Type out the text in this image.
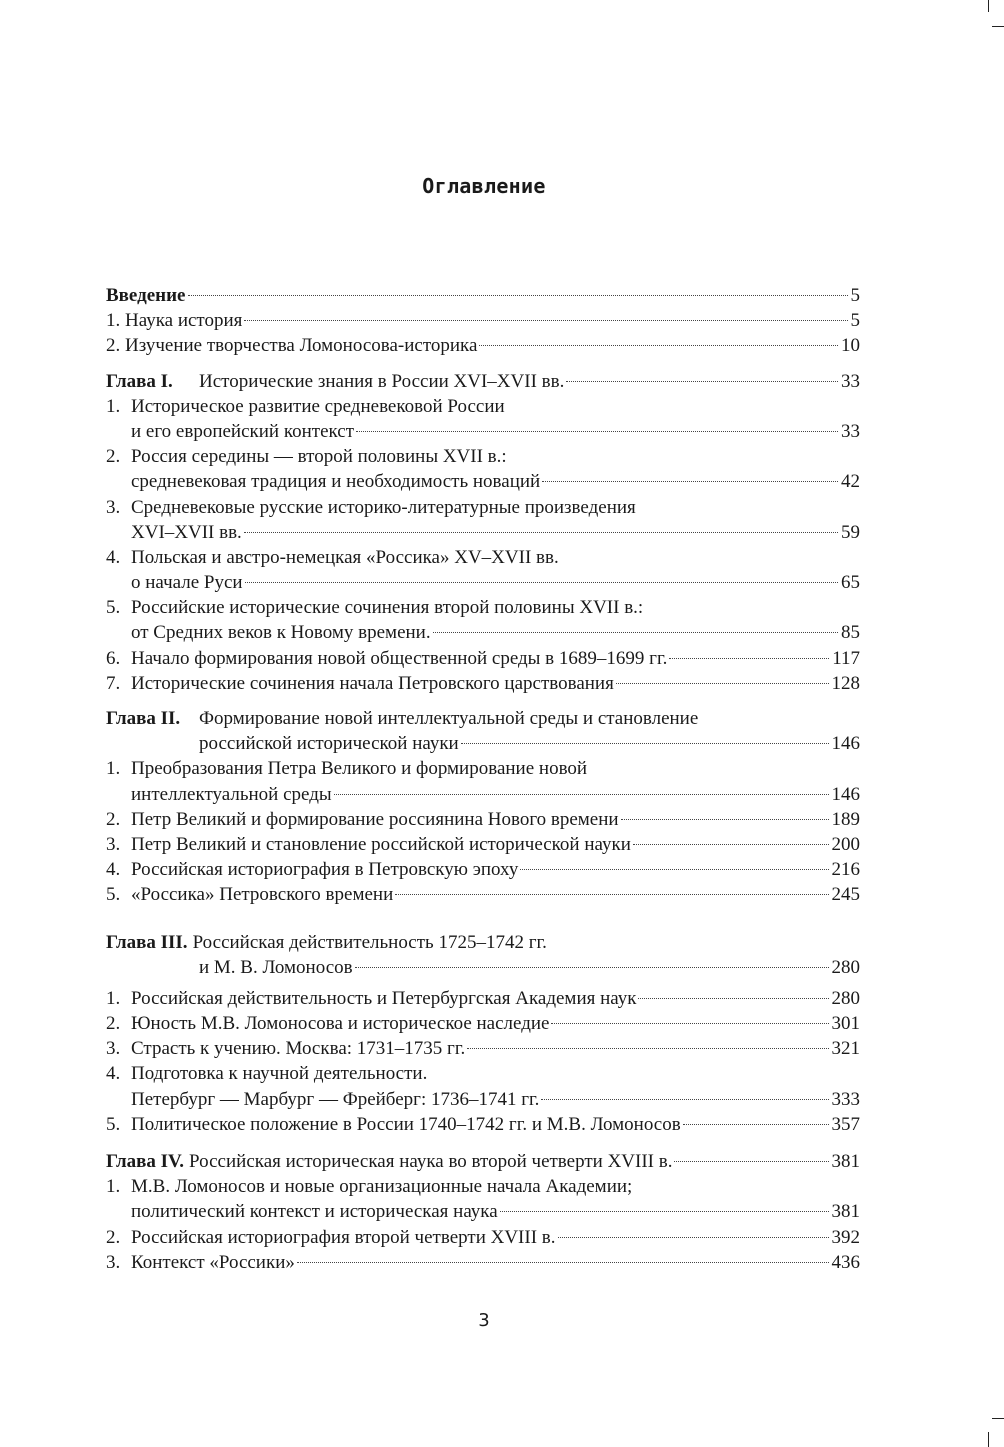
Оглавление
Введение	5
1. Наука история	5
2. Изучение творчества Ломоносова-историка	10
Глава I. Исторические знания в России XVI–XVII вв.	33
1. Историческое развитие средневековой России
и его европейский контекст	33
2. Россия середины — второй половины XVII в.:
средневековая традиция и необходимость новаций	42
3. Средневековые русские историко-литературные произведения
XVI–XVII вв.	59
4. Польская и австро-немецкая «Россика» XV–XVII вв.
о начале Руси	65
5. Российские исторические сочинения второй половины XVII в.:
от Средних веков к Новому времени.	85
6. Начало формирования новой общественной среды в 1689–1699 гг.	117
7. Исторические сочинения начала Петровского царствования	128
Глава II. Формирование новой интеллектуальной среды и становление
российской исторической науки	146
1. Преобразования Петра Великого и формирование новой
интеллектуальной среды	146
2. Петр Великий и формирование россиянина Нового времени	189
3. Петр Великий и становление российской исторической науки	200
4. Российская историография в Петровскую эпоху	216
5. «Россика» Петровского времени	245
Глава III. Российская действительность 1725–1742 гг.
и М. В. Ломоносов	280
1. Российская действительность и Петербургская Академия наук	280
2. Юность М.В. Ломоносова и историческое наследие	301
3. Страсть к учению. Москва: 1731–1735 гг.	321
4. Подготовка к научной деятельности.
Петербург — Марбург — Фрейберг: 1736–1741 гг.	333
5. Политическое положение в России 1740–1742 гг. и М.В. Ломоносов	357
Глава IV. Российская историческая наука во второй четверти XVIII в.	381
1. М.В. Ломоносов и новые организационные начала Академии;
политический контекст и историческая наука	381
2. Российская историография второй четверти XVIII в.	392
3. Контекст «Россики»	436
3
